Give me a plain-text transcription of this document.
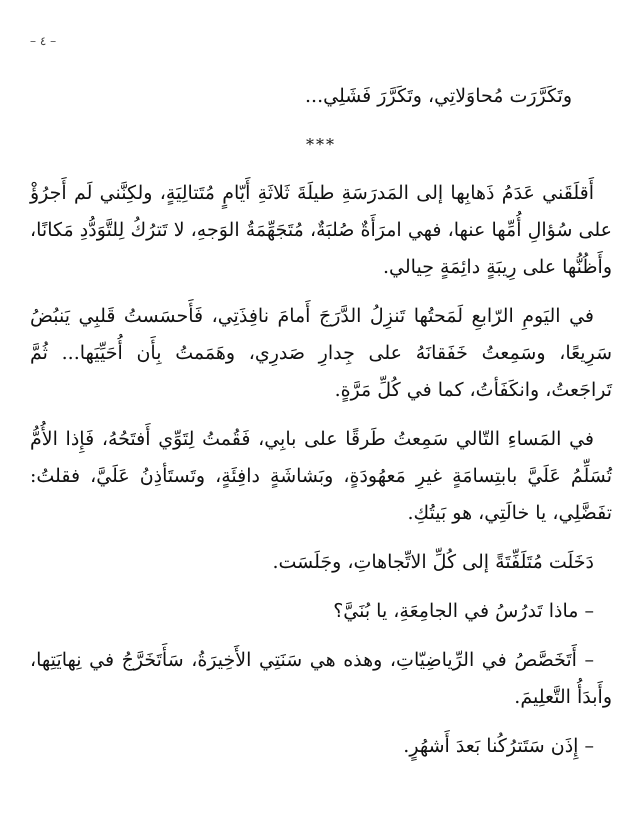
– ٤ –

وتَكَرَّرَت مُحاوَلاتِي، وتَكَرَّرَ فَشَلِي...

***

أَقلَقَني عَدَمُ ذَهابِها إلى المَدرَسَةِ طيلَةَ ثَلاثَةِ أَيّامٍ مُتَتالِيَةٍ، ولكِنَّني لَم أَجرُؤْ على سُؤالِ أُمِّها عنها، فهي امرَأَةٌ صُلبَةٌ، مُتَجَهِّمَةُ الوَجهِ، لا تَترُكُ لِلتَّوَدُّدِ مَكانًا، وأَظُنُّها على رِيبَةٍ دائِمَةٍ حِيالي.

في اليَومِ الرّابعِ لَمَحتُها تَنزِلُ الدَّرَجَ أَمامَ نافِذَتِي، فَأَحسَستُ قَلبِي يَنبُضُ سَرِيعًا، وسَمِعتُ خَفَقانَهُ على جِدارِ صَدرِي، وهَمَمتُ بِأَن أُحَيِّيَها... ثُمَّ تَراجَعتُ، وانكَفَأتُ، كما في كُلِّ مَرَّةٍ.

في المَساءِ التّالي سَمِعتُ طَرقًا على بابِي، فَقُمتُ لِتَوِّي أَفتَحُهُ، فَإِذا الأُمُّ تُسَلِّمُ عَلَيَّ بابتِسامَةٍ غيرِ مَعهُودَةٍ، وبَشاشَةٍ دافِئَةٍ، وتَستَأذِنُ عَلَيَّ، فقلتُ: تفَضَّلِي، يا خالَتِي، هو بَيتُكِ.

دَخَلَت مُتَلَفِّتَةً إلى كُلِّ الاتِّجاهاتِ، وجَلَسَت.

– ماذا تَدرُسُ في الجامِعَةِ، يا بُنَيَّ؟

– أَتَخَصَّصُ في الرِّياضِيّاتِ، وهذه هي سَنَتِي الأَخِيرَةُ، سَأَتَخَرَّجُ في نِهايَتِها، وأَبدَأُ التَّعلِيمَ.

– إِذَن سَتَترُكُنا بَعدَ أَشهُرٍ.
